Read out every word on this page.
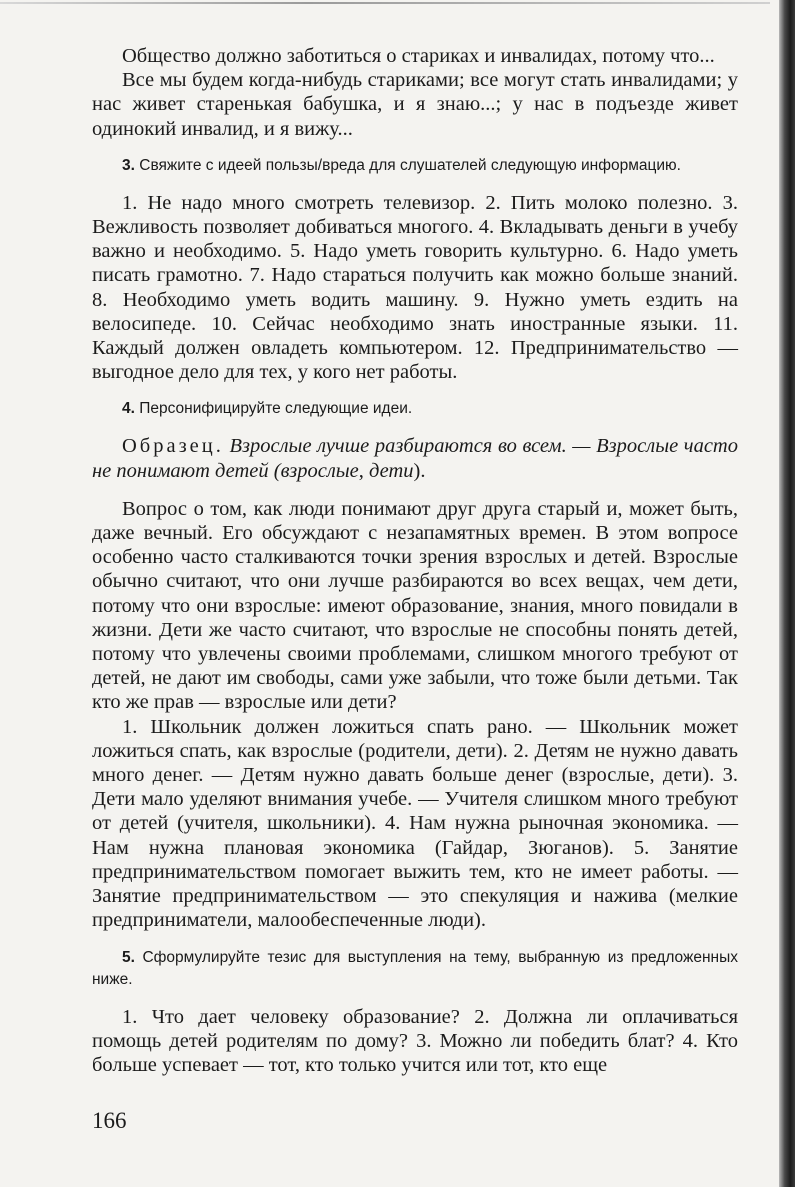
Общество должно заботиться о стариках и инвалидах, потому что...

Все мы будем когда-нибудь стариками; все могут стать инвалидами; у нас живет старенькая бабушка, и я знаю...; у нас в подъезде живет одинокий инвалид, и я вижу...

3. Свяжите с идеей пользы/вреда для слушателей следующую информацию.

1. Не надо много смотреть телевизор. 2. Пить молоко полезно. 3. Вежливость позволяет добиваться многого. 4. Вкладывать деньги в учебу важно и необходимо. 5. Надо уметь говорить культурно. 6. Надо уметь писать грамотно. 7. Надо стараться получить как можно больше знаний. 8. Необходимо уметь водить машину. 9. Нужно уметь ездить на велосипеде. 10. Сейчас необходимо знать иностранные языки. 11. Каждый должен овладеть компьютером. 12. Предпринимательство — выгодное дело для тех, у кого нет работы.

4. Персонифицируйте следующие идеи.

Образец. Взрослые лучше разбираются во всем. — Взрослые часто не понимают детей (взрослые, дети).

Вопрос о том, как люди понимают друг друга старый и, может быть, даже вечный. Его обсуждают с незапамятных времен. В этом вопросе особенно часто сталкиваются точки зрения взрослых и детей. Взрослые обычно считают, что они лучше разбираются во всех вещах, чем дети, потому что они взрослые: имеют образование, знания, много повидали в жизни. Дети же часто считают, что взрослые не способны понять детей, потому что увлечены своими проблемами, слишком многого требуют от детей, не дают им свободы, сами уже забыли, что тоже были детьми. Так кто же прав — взрослые или дети?

1. Школьник должен ложиться спать рано. — Школьник может ложиться спать, как взрослые (родители, дети). 2. Детям не нужно давать много денег. — Детям нужно давать больше денег (взрослые, дети). 3. Дети мало уделяют внимания учебе. — Учителя слишком много требуют от детей (учителя, школьники). 4. Нам нужна рыночная экономика. — Нам нужна плановая экономика (Гайдар, Зюганов). 5. Занятие предпринимательством помогает выжить тем, кто не имеет работы. — Занятие предпринимательством — это спекуляция и нажива (мелкие предприниматели, малообеспеченные люди).

5. Сформулируйте тезис для выступления на тему, выбранную из предложенных ниже.

1. Что дает человеку образование? 2. Должна ли оплачиваться помощь детей родителям по дому? 3. Можно ли победить блат? 4. Кто больше успевает — тот, кто только учится или тот, кто еще

166
